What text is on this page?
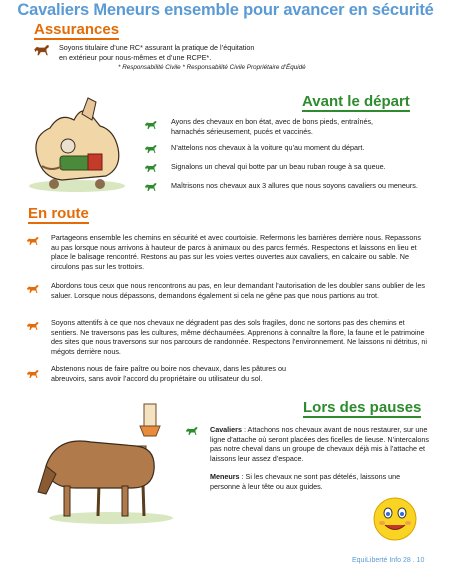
Cavaliers Meneurs ensemble pour avancer en sécurité
Assurances
Soyons titulaire d’une RC* assurant la pratique de l’équitation
en extérieur pour nous-mêmes et d’une RCPE*.
* Responsabilité Civile * Responsabilité Civile Propriétaire d’Équidé
Avant le départ
Ayons des chevaux en bon état, avec de bons pieds, entraînés, harnachés sérieusement, pucés et vaccinés.
N’attelons nos chevaux à la voiture qu’au moment du départ.
Signalons un cheval qui botte par un beau ruban rouge à sa queue.
Maîtrisons nos chevaux aux 3 allures que nous soyons cavaliers ou meneurs.
En route
Partageons ensemble les chemins en sécurité et avec courtoisie. Refermons les barrières derrière nous. Repassons au pas lorsque nous arrivons à hauteur de parcs à animaux ou des parcs fermés. Respectons et laissons en lieu et place le balisage rencontré. Restons au pas sur les voies vertes ouvertes aux cavaliers, en calcaire ou sable. Ne circulons pas sur les trottoirs.
Abordons tous ceux que nous rencontrons au pas, en leur demandant l’autorisation de les doubler sans oublier de les saluer. Lorsque nous dépassons, demandons également si cela ne gêne pas que nous partions au trot.
Soyons attentifs à ce que nos chevaux ne dégradent pas des sols fragiles, donc ne sortons pas des chemins et sentiers. Ne traversons pas les cultures, même déchaumées. Apprenons à connaître la flore, la faune et le patrimoine des sites que nous traversons sur nos parcours de randonnée. Respectons l’environnement. Ne laissons ni détritus, ni mégots derrière nous.
Abstenons nous de faire paître ou boire nos chevaux, dans les pâtures ou abreuvoirs, sans avoir l’accord du propriétaire ou utilisateur du sol.
Lors des pauses
Cavaliers : Attachons nos chevaux avant de nous restaurer, sur une ligne d’attache où seront placées des ficelles de lieuse. N’intercalons pas notre cheval dans un groupe de chevaux déjà mis à l’attache et laissons leur assez d’espace.
Meneurs : Si les chevaux ne sont pas dételés, laissons une personne à leur tête ou aux guides.
EquiLiberté Info 28 . 10
